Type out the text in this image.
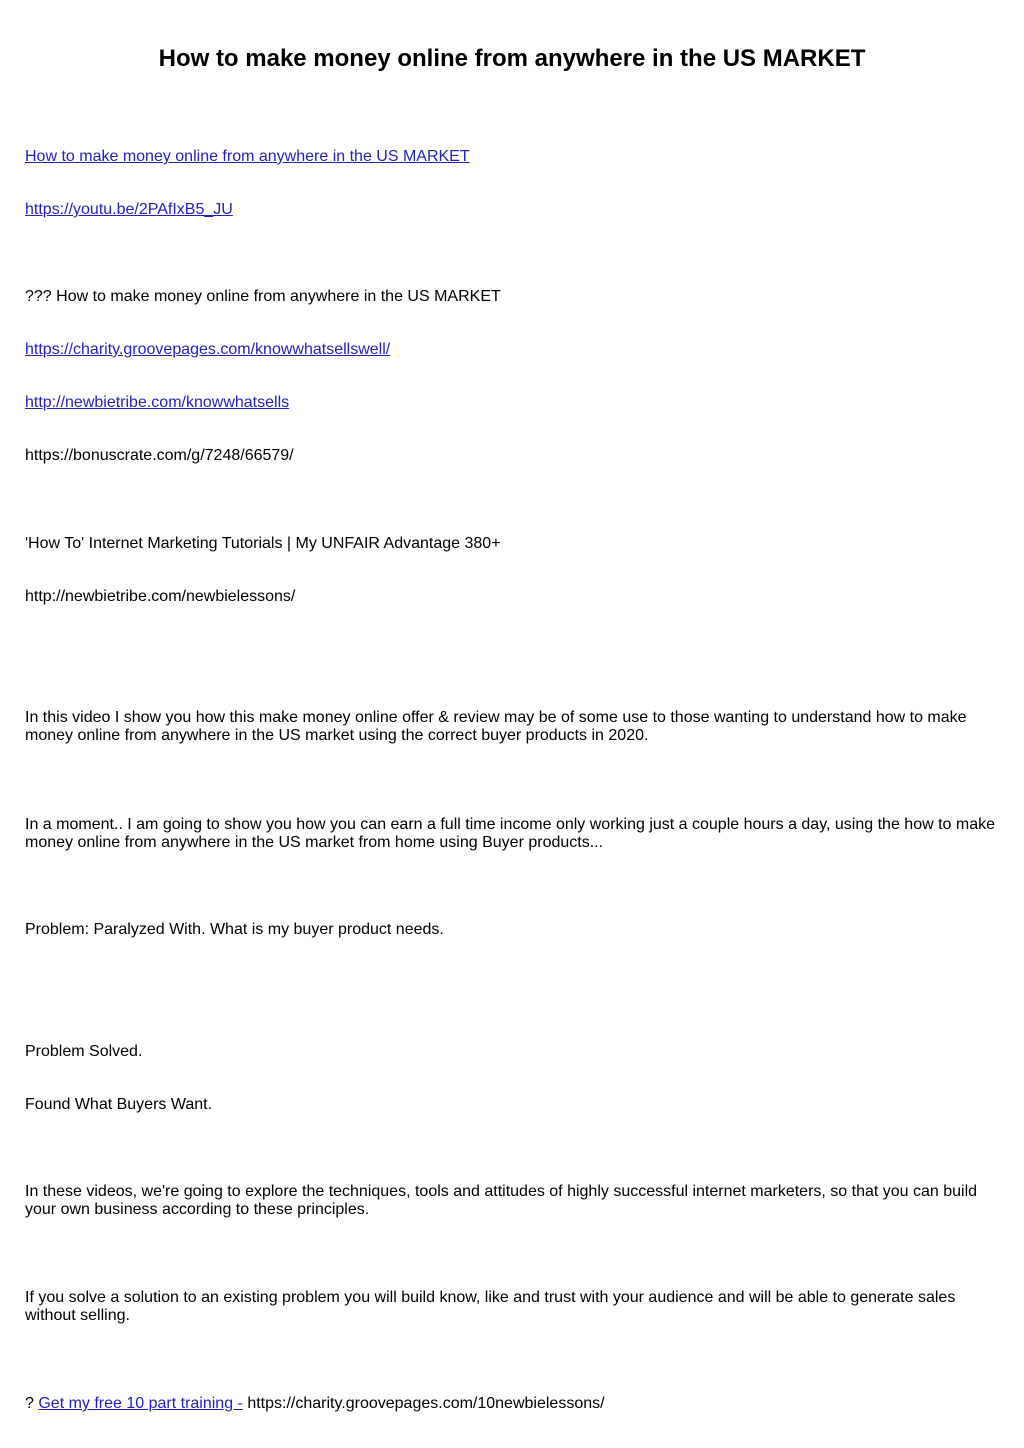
How to make money online from anywhere in the US MARKET

How to make money online from anywhere in the US MARKET

https://youtu.be/2PAfIxB5_JU

??? How to make money online from anywhere in the US MARKET

https://charity.groovepages.com/knowwhatsellswell/

http://newbietribe.com/knowwhatsells

https://bonuscrate.com/g/7248/66579/

'How To' Internet Marketing Tutorials | My UNFAIR Advantage 380+

http://newbietribe.com/newbielessons/

In this video I show you how this make money online offer & review may be of some use to those wanting to understand how to make money online from anywhere in the US market using the correct buyer products in 2020.

In a moment.. I am going to show you how you can earn a full time income only working just a couple hours a day, using the how to make money online from anywhere in the US market from home using Buyer products...

Problem: Paralyzed With. What is my buyer product needs.

Problem Solved.

Found What Buyers Want.

In these videos, we're going to explore the techniques, tools and attitudes of highly successful internet marketers, so that you can build your own business according to these principles.

If you solve a solution to an existing problem you will build know, like and trust with your audience and will be able to generate sales without selling.

? Get my free 10 part training - https://charity.groovepages.com/10newbielessons/
